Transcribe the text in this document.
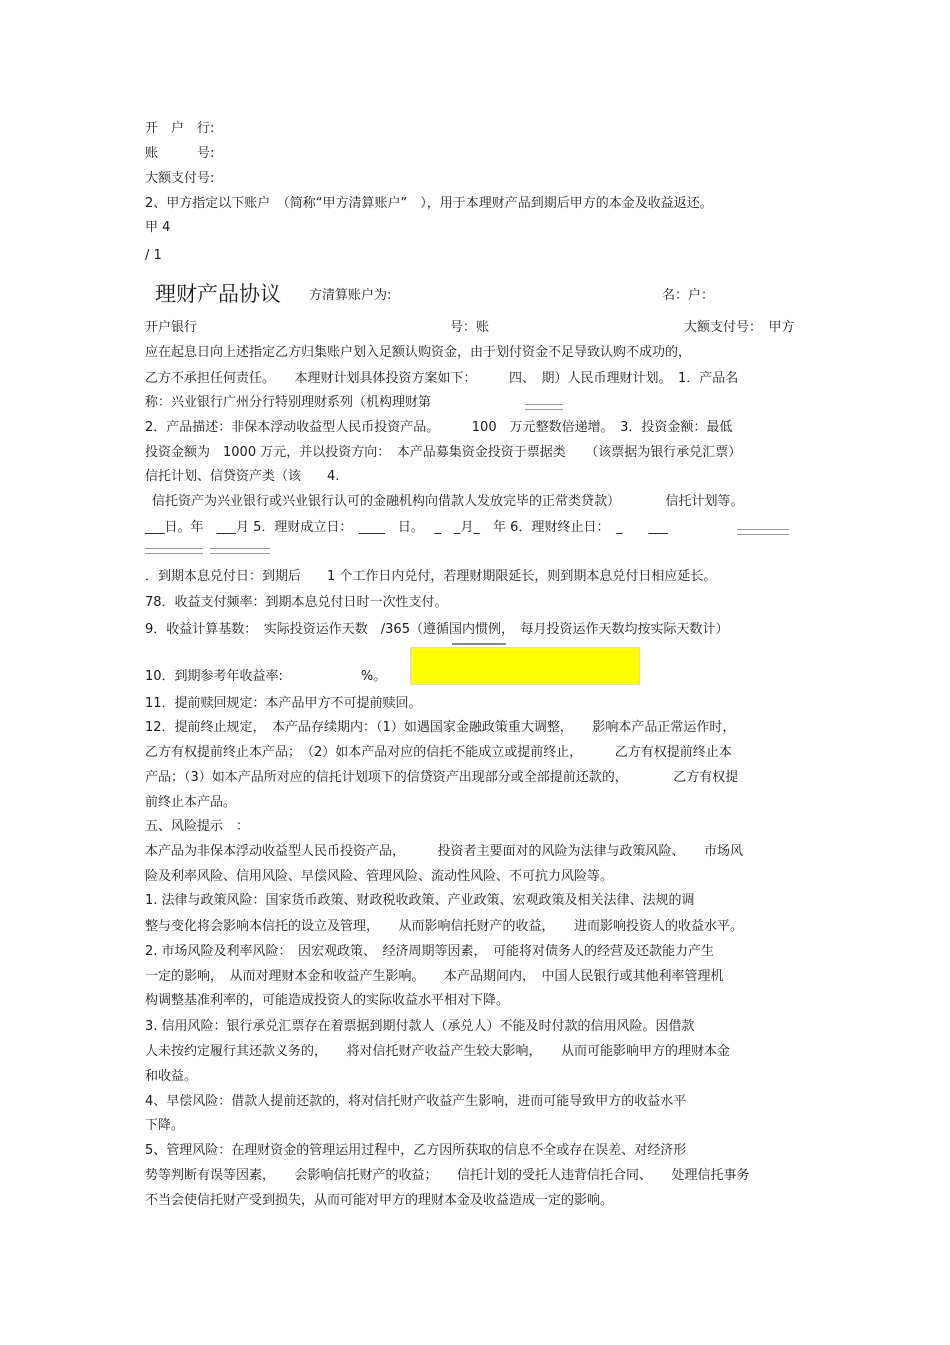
开　户　行:
账　　　号:
大额支付号:
2、甲方指定以下账户　（简称“甲方清算账户”　），用于本理财产品到期后甲方的本金及收益返还。
甲 4
/ 1
理财产品协议 方清算账户为:	名：户：
开户银行	号：账	大额支付号：　甲方
应在起息日向上述指定乙方归集账户划入足额认购资金，由于划付资金不足导致认购不成功的，
乙方不承担任何责任。　　本理财计划具体投资方案如下：　　　四、　期）人民币理财计划。　1．产品名
称：兴业银行广州分行特别理财系列（机构理财第
2．产品描述：非保本浮动收益型人民币投资产品。　　　100　万元整数倍递增。　3．投资金额：最低
投资金额为　1000 万元，并以投资方向：　本产品募集资金投资于票据类　　（该票据为银行承兑汇票）
信托计划、信贷资产类（该　　4.
信托资产为兴业银行或兴业银行认可的金融机构向借款人发放完毕的正常类贷款）　　　　信托计划等。
___日。年　___月 5．理财成立日：　____　日。　 _　_月_　年 6．理财终止日：　_　　___
．到期本息兑付日：到期后　　1 个工作日内兑付，若理财期限延长，则到期本息兑付日相应延长。
78．收益支付频率：到期本息兑付日时一次性支付。
9．收益计算基数：　实际投资运作天数　/365（遵循国内惯例，　每月投资运作天数均按实际天数计）
10．到期参考年收益率:　　　　　　%。
11．提前赎回规定：本产品甲方不可提前赎回。
12．提前终止规定，　本产品存续期内：（1）如遇国家金融政策重大调整，　　影响本产品正常运作时，
乙方有权提前终止本产品；　（2）如本产品对应的信托不能成立或提前终止，　　　乙方有权提前终止本
产品；（3）如本产品所对应的信托计划项下的信贷资产出现部分或全部提前还款的，　　　　乙方有权提
前终止本产品。
五、风险提示　：
本产品为非保本浮动收益型人民币投资产品，　　　投资者主要面对的风险为法律与政策风险、　　市场风
险及利率风险、信用风险、早偿风险、管理风险、流动性风险、不可抗力风险等。
1. 法律与政策风险：国家货币政策、财政税收政策、产业政策、宏观政策及相关法律、法规的调
整与变化将会影响本信托的设立及管理，　　从而影响信托财产的收益，　　进而影响投资人的收益水平。
2. 市场风险及利率风险：　因宏观政策、　经济周期等因素，　可能将对债务人的经营及还款能力产生
一定的影响，　从而对理财本金和收益产生影响。　　本产品期间内，　中国人民银行或其他利率管理机
构调整基准利率的，可能造成投资人的实际收益水平相对下降。
3. 信用风险：银行承兑汇票存在着票据到期付款人（承兑人）不能及时付款的信用风险。因借款
人未按约定履行其还款义务的，　　将对信托财产收益产生较大影响，　　从而可能影响甲方的理财本金
和收益。
4、早偿风险：借款人提前还款的，将对信托财产收益产生影响，进而可能导致甲方的收益水平
下降。
5、管理风险：在理财资金的管理运用过程中，乙方因所获取的信息不全或存在误差、对经济形
势等判断有误等因素，　　会影响信托财产的收益；　　信托计划的受托人违背信托合同、　　处理信托事务
不当会使信托财产受到损失，从而可能对甲方的理财本金及收益造成一定的影响。
